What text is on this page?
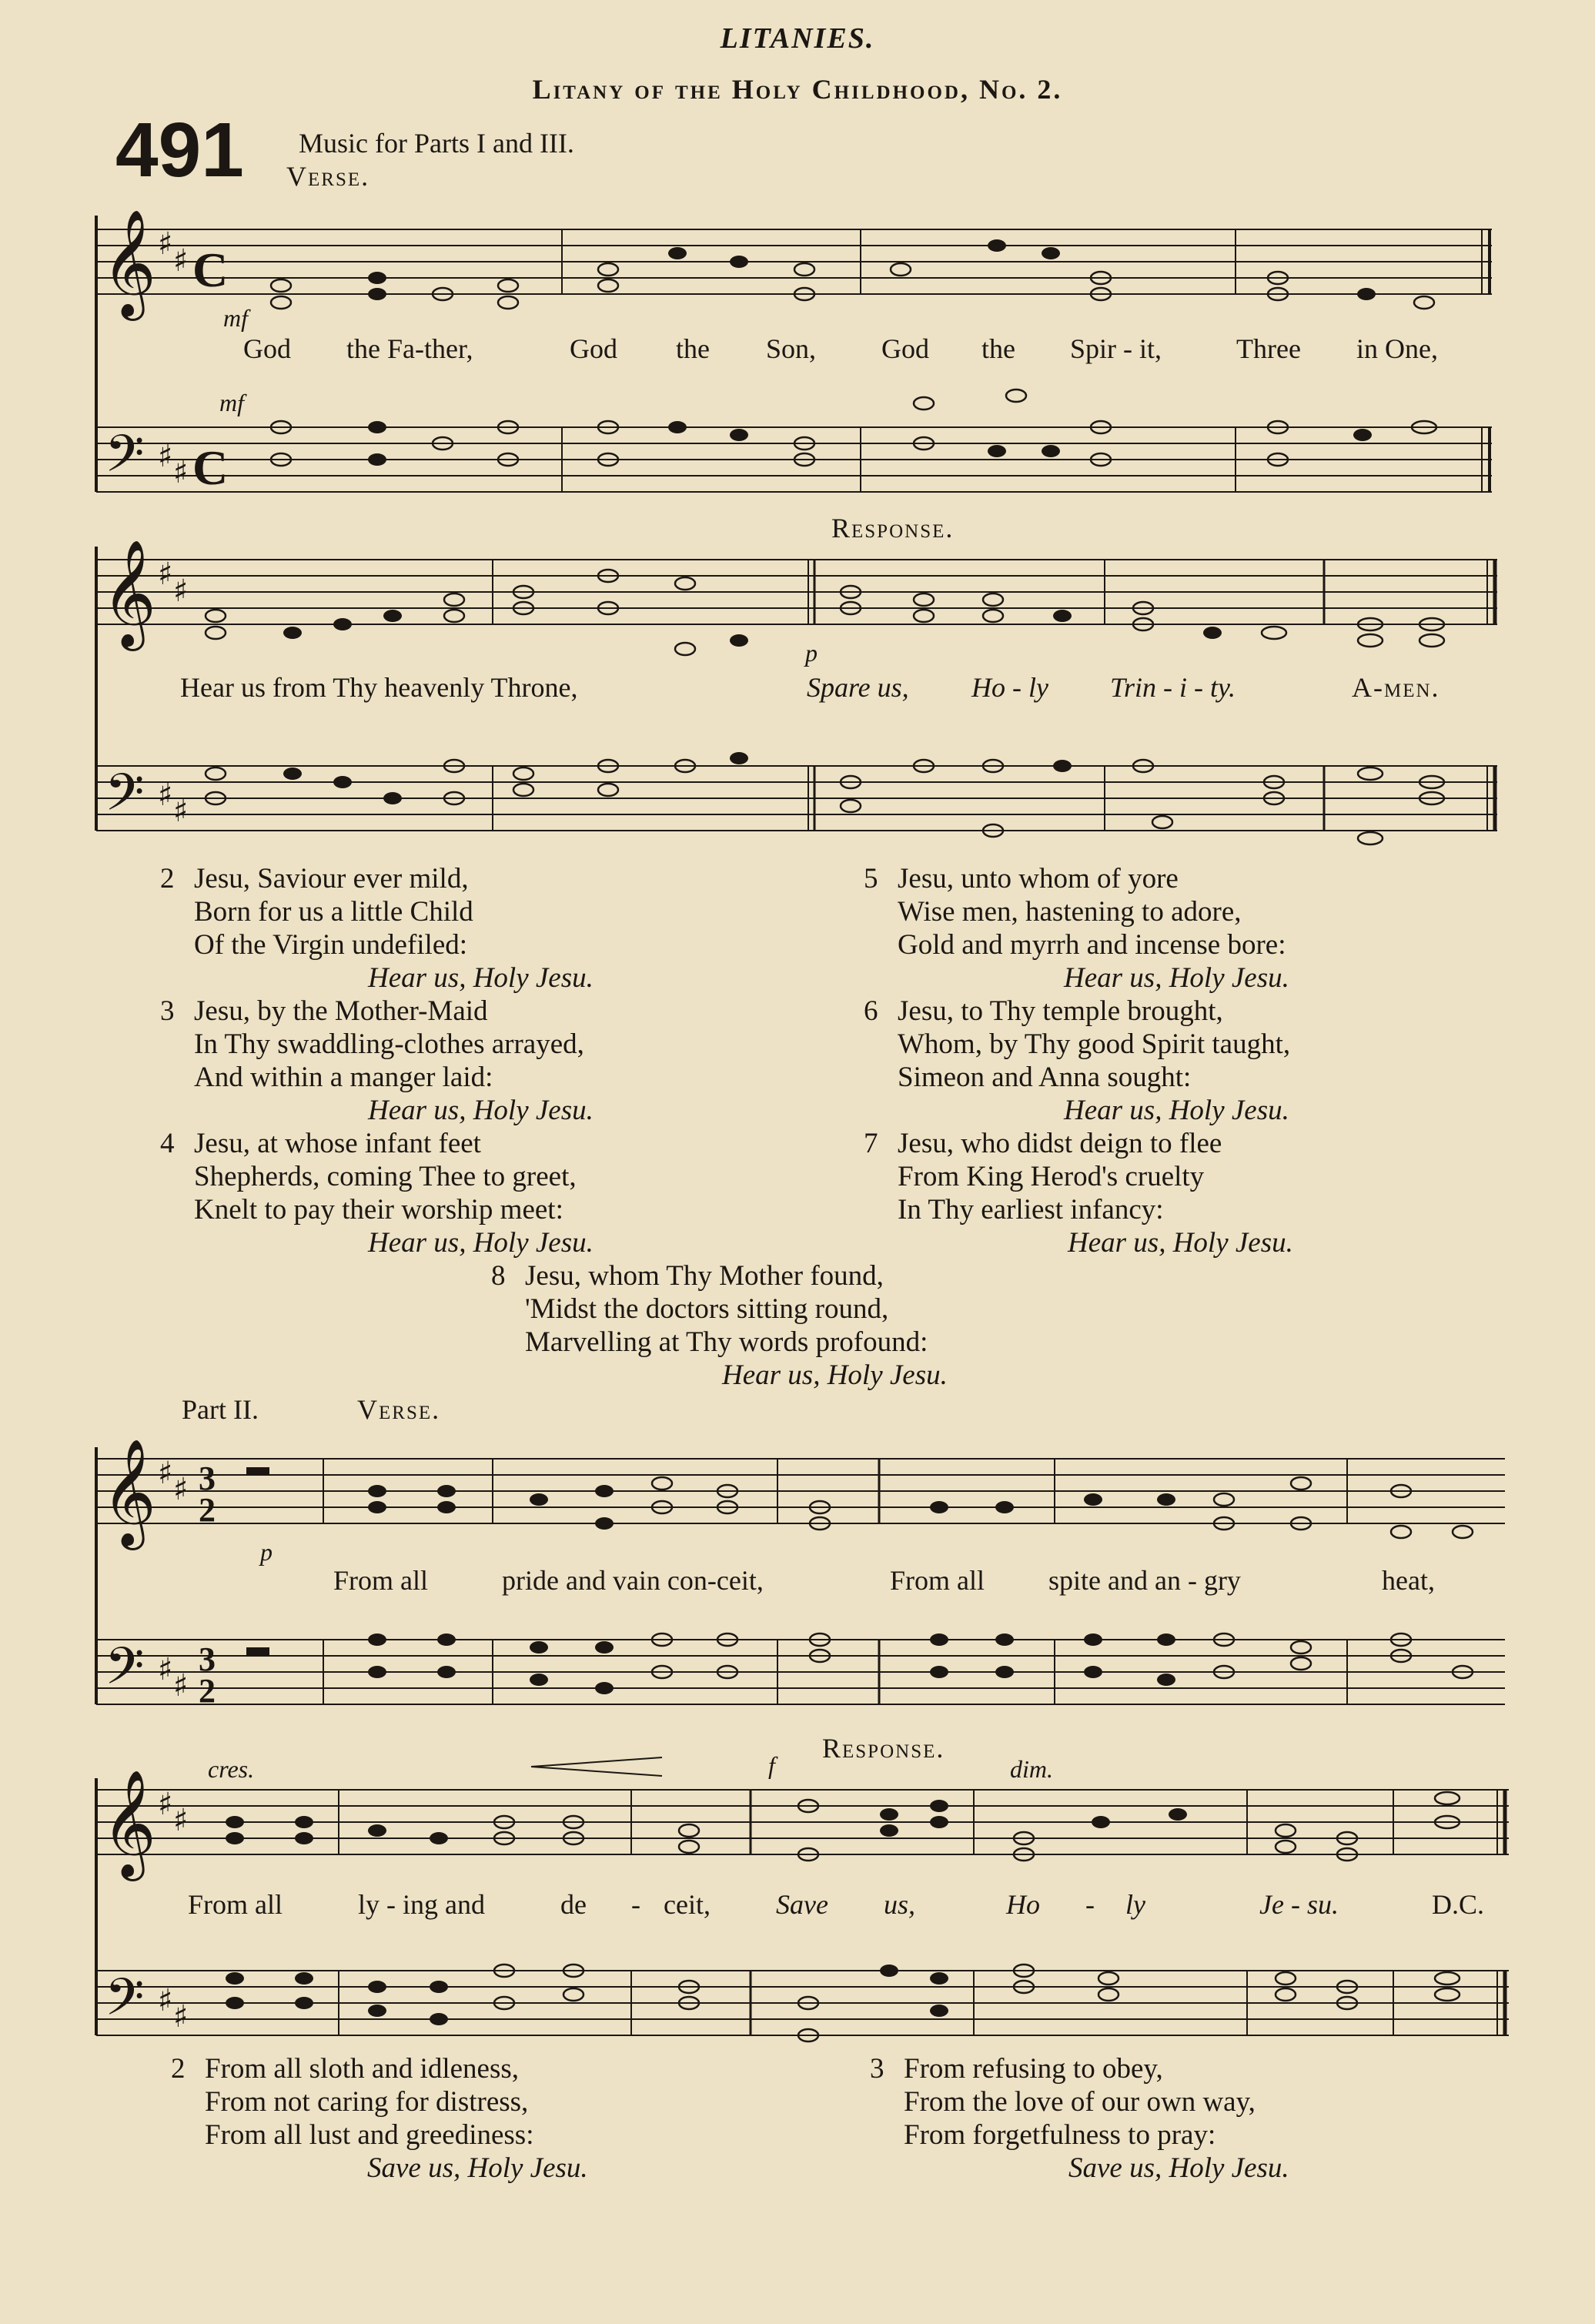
LITANIES.
Litany of the Holy Childhood, No. 2.
491 Music for Parts I and III.
Verse.
𝄞
𝄢
♯ ♯
♯ ♯
C
C
mf
mf
God the Fa-ther,	God the Son, God the Spir - it,	Three in One,
Response.
𝄞
𝄢
♯ ♯
♯ ♯
Hear us from Thy heavenly Throne,	Spare us, Ho - ly Trin - i - ty.	A-men.
p
2 Jesu, Saviour ever mild,
Born for us a little Child
Of the Virgin undefiled:
Hear us, Holy Jesu.
3 Jesu, by the Mother-Maid
In Thy swaddling-clothes arrayed,
And within a manger laid:
Hear us, Holy Jesu.
4 Jesu, at whose infant feet
Shepherds, coming Thee to greet,
Knelt to pay their worship meet:
Hear us, Holy Jesu.
5 Jesu, unto whom of yore
Wise men, hastening to adore,
Gold and myrrh and incense bore:
Hear us, Holy Jesu.
6 Jesu, to Thy temple brought,
Whom, by Thy good Spirit taught,
Simeon and Anna sought:
Hear us, Holy Jesu.
7 Jesu, who didst deign to flee
From King Herod's cruelty
In Thy earliest infancy:
Hear us, Holy Jesu.
8 Jesu, whom Thy Mother found,
'Midst the doctors sitting round,
Marvelling at Thy words profound:
Hear us, Holy Jesu.
Part II.	Verse.
𝄞
𝄢
♯ ♯
♯ ♯
3
2
3
2
p
From all	pride and vain con-ceit,	From all spite and an - gry	heat,
Response.
cres.	f	dim.
𝄞
𝄢
♯ ♯
♯ ♯
From all	ly - ing and	de - ceit, Save us,	Ho - ly	Je - su.	D.C.
2 From all sloth and idleness,
From not caring for distress,
From all lust and greediness:
Save us, Holy Jesu.
3 From refusing to obey,
From the love of our own way,
From forgetfulness to pray:
Save us, Holy Jesu.
